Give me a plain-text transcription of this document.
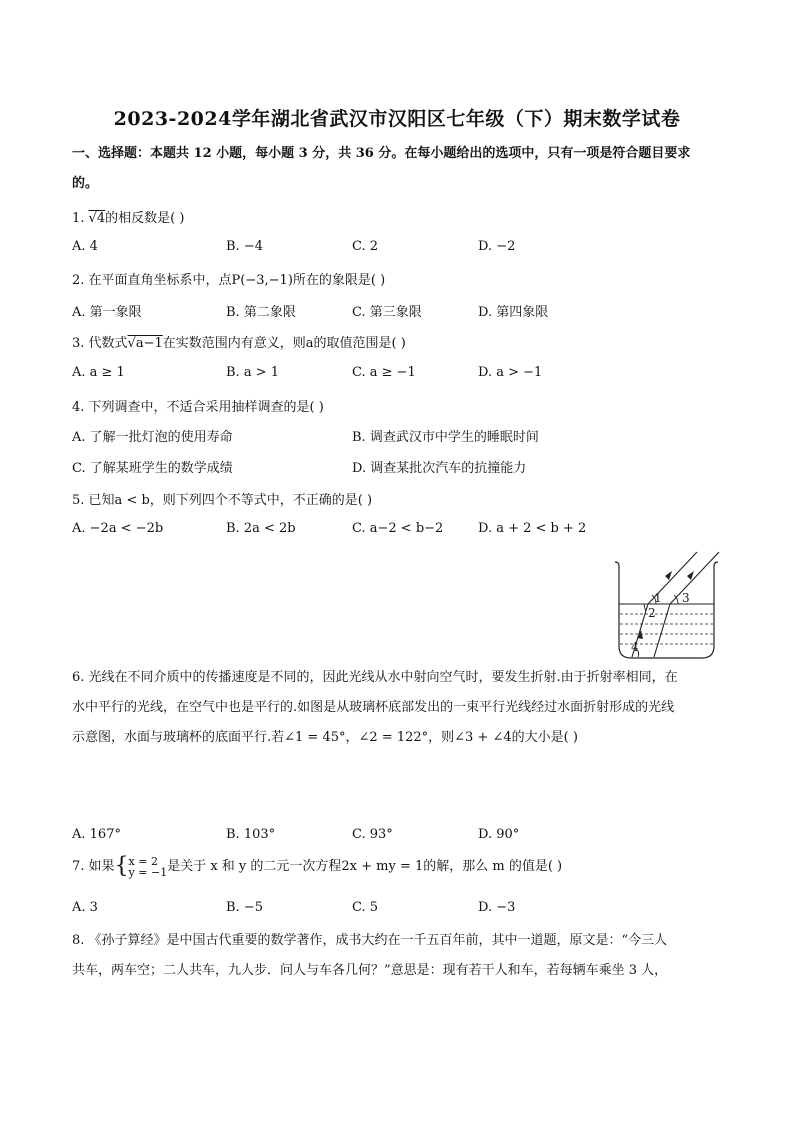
2023-2024学年湖北省武汉市汉阳区七年级（下）期末数学试卷
一、选择题：本题共 12 小题，每小题 3 分，共 36 分。在每小题给出的选项中，只有一项是符合题目要求
的。
1. √4的相反数是( )
A. 4	B. −4	C. 2	D. −2
2. 在平面直角坐标系中，点P(−3,−1)所在的象限是( )
A. 第一象限	B. 第二象限	C. 第三象限	D. 第四象限
3. 代数式√a−1在实数范围内有意义，则a的取值范围是( )
A. a ≥ 1	B. a > 1	C. a ≥ −1	D. a > −1
4. 下列调查中，不适合采用抽样调查的是( )
A. 了解一批灯泡的使用寿命	B. 调查武汉市中学生的睡眠时间
C. 了解某班学生的数学成绩	D. 调查某批次汽车的抗撞能力
5. 已知a < b，则下列四个不等式中，不正确的是( )
A. −2a < −2b	B. 2a < 2b	C. a−2 < b−2	D. a + 2 < b + 2
1
2
3
4
6. 光线在不同介质中的传播速度是不同的，因此光线从水中射向空气时，要发生折射.由于折射率相同，在
水中平行的光线，在空气中也是平行的.如图是从玻璃杯底部发出的一束平行光线经过水面折射形成的光线
示意图，水面与玻璃杯的底面平行.若∠1 = 45°，∠2 = 122°，则∠3 + ∠4的大小是( )
A. 167°	B. 103°	C. 93°	D. 90°
7. 如果{x = 2
y = −1是关于 x 和 y 的二元一次方程2x + my = 1的解，那么 m 的值是( )
A. 3	B. −5	C. 5	D. −3
8. 《孙子算经》是中国古代重要的数学著作，成书大约在一千五百年前，其中一道题，原文是：“今三人
共车，两车空；二人共车，九人步．问人与车各几何？”意思是：现有若干人和车，若每辆车乘坐 3 人，
